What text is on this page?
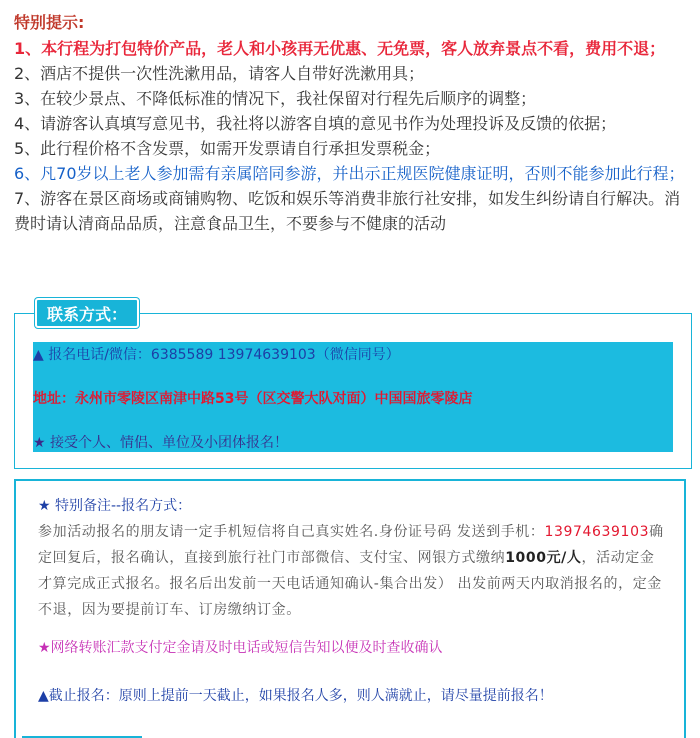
特别提示:
1、本行程为打包特价产品，老人和小孩再无优惠、无免票，客人放弃景点不看，费用不退；
2、酒店不提供一次性洗漱用品，请客人自带好洗漱用具；
3、在较少景点、不降低标准的情况下，我社保留对行程先后顺序的调整；
4、请游客认真填写意见书，我社将以游客自填的意见书作为处理投诉及反馈的依据；
5、此行程价格不含发票，如需开发票请自行承担发票税金；
6、凡70岁以上老人参加需有亲属陪同参游，并出示正规医院健康证明，否则不能参加此行程；
7、游客在景区商场或商铺购物、吃饭和娱乐等消费非旅行社安排，如发生纠纷请自行解决。消费时请认清商品品质，注意食品卫生，不要参与不健康的活动
联系方式：
▲ 报名电话/微信：6385589 13974639103（微信同号）
地址：永州市零陵区南津中路53号（区交警大队对面）中国国旅零陵店
★ 接受个人、情侣、单位及小团体报名！
★ 特别备注--报名方式：
参加活动报名的朋友请一定手机短信将自己真实姓名.身份证号码 发送到手机：13974639103确定回复后，报名确认，直接到旅行社门市部微信、支付宝、网银方式缴纳1000元/人，活动定金才算完成正式报名。报名后出发前一天电话通知确认-集合出发） 出发前两天内取消报名的，定金不退，因为要提前订车、订房缴纳订金。
★网络转账汇款支付定金请及时电话或短信告知以便及时查收确认
▲截止报名：原则上提前一天截止，如果报名人多，则人满就止，请尽量提前报名！
